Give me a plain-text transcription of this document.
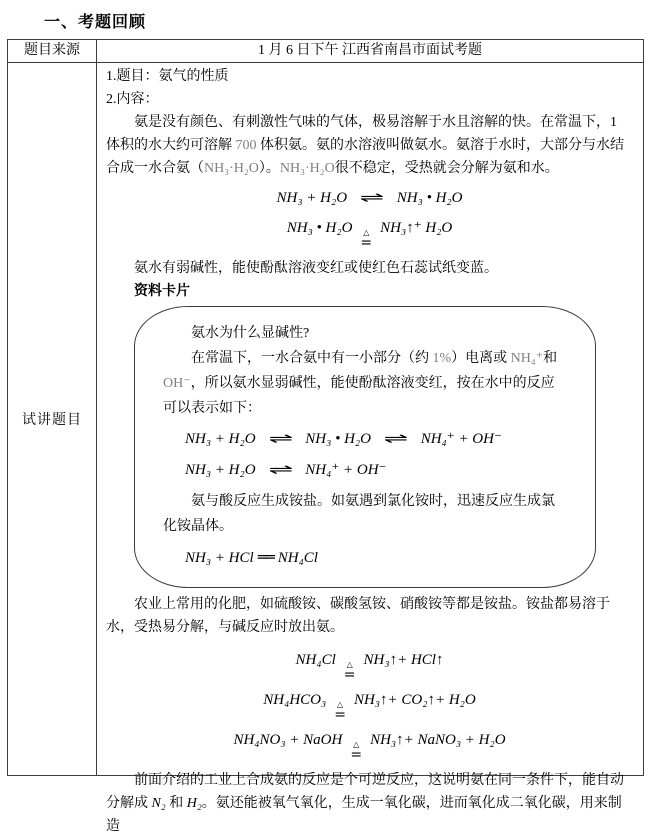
一、考题回顾
题目来源	1 月 6 日下午 江西省南昌市面试考题
试讲题目

1.题目：氨气的性质

2.内容：

氨是没有颜色、有刺激性气味的气体，极易溶解于水且溶解的快。在常温下，1 体积的水大约可溶解 700 体积氨。氨的水溶液叫做氨水。氨溶于水时，大部分与水结合成一水合氨（NH₃·H₂O）。NH₃·H₂O很不稳定，受热就会分解为氨和水。

NH₃ + H₂O ⇌ NH₃ • H₂O
NH₃ • H₂O △
=
NH₃↑⁺ H₂O

氨水有弱碱性，能使酚酞溶液变红或使红色石蕊试纸变蓝。

资料卡片

氨水为什么显碱性?

在常温下，一水合氨中有一小部分（约 1%）电离或 NH₄⁺和 OH⁻，所以氨水显弱碱性，能使酚酞溶液变红，按在水中的反应可以表示如下：

NH₃ + H₂O ⇌ NH₃ • H₂O ⇌ NH₄⁺ + OH⁻
NH₃ + H₂O ⇌ NH₄⁺ + OH⁻

氨与酸反应生成铵盐。如氨遇到氯化铵时，迅速反应生成氯化铵晶体。

NH₃ + HCl ══ NH₄Cl

农业上常用的化肥，如硫酸铵、碳酸氢铵、硝酸铵等都是铵盐。铵盐都易溶于水，受热易分解，与碱反应时放出氨。

NH₄Cl △
=
NH₃↑+ HCl↑
NH₄HCO₃ △
=
NH₃↑+ CO₂↑+ H₂O
NH₄NO₃ + NaOH △
=
NH₃↑+ NaNO₃ + H₂O

前面介绍的工业上合成氨的反应是个可逆反应，这说明氨在同一条件下，能自动分解成 N₂ 和 H₂。氨还能被氧气氧化，生成一氧化碳，进而氧化成二氧化碳，用来制造
